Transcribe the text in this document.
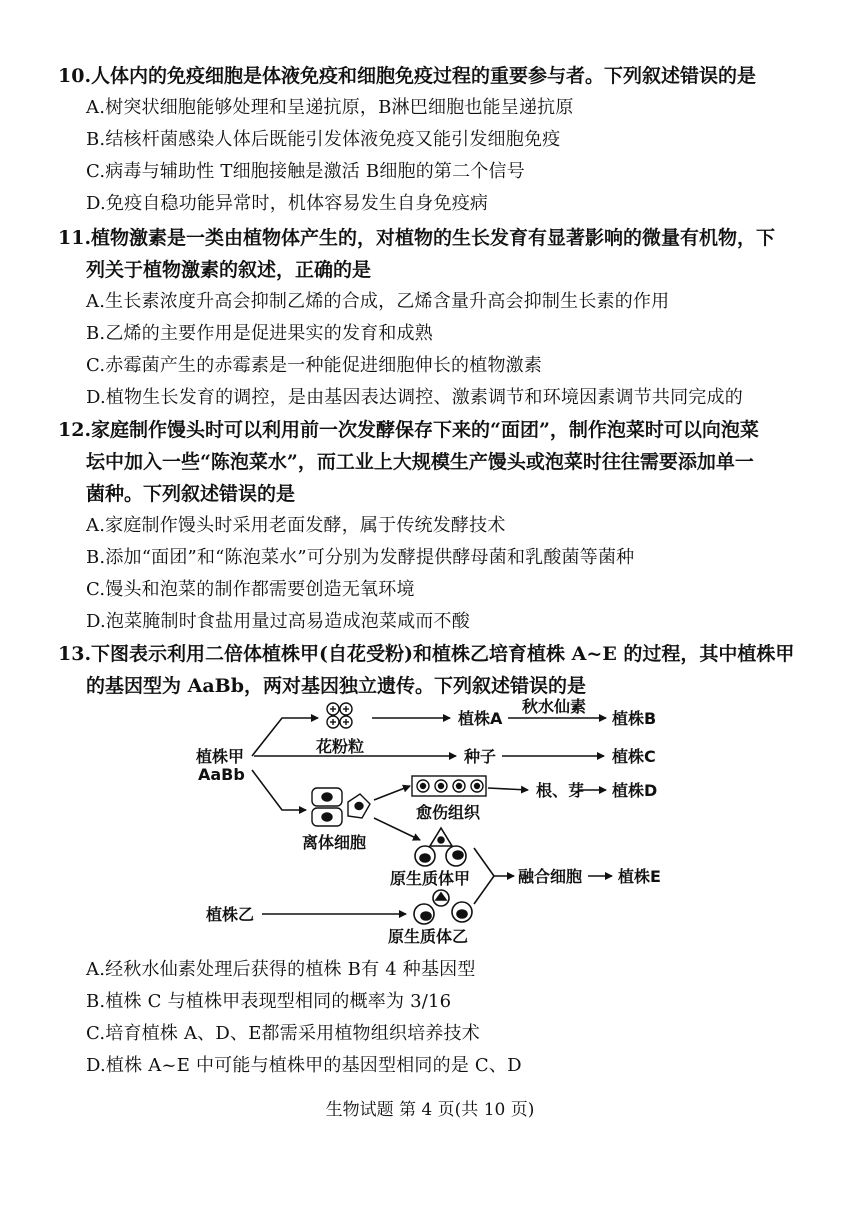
10.人体内的免疫细胞是体液免疫和细胞免疫过程的重要参与者。下列叙述错误的是
A.树突状细胞能够处理和呈递抗原，B淋巴细胞也能呈递抗原
B.结核杆菌感染人体后既能引发体液免疫又能引发细胞免疫
C.病毒与辅助性 T细胞接触是激活 B细胞的第二个信号
D.免疫自稳功能异常时，机体容易发生自身免疫病
11.植物激素是一类由植物体产生的，对植物的生长发育有显著影响的微量有机物，下
列关于植物激素的叙述，正确的是
A.生长素浓度升高会抑制乙烯的合成，乙烯含量升高会抑制生长素的作用
B.乙烯的主要作用是促进果实的发育和成熟
C.赤霉菌产生的赤霉素是一种能促进细胞伸长的植物激素
D.植物生长发育的调控，是由基因表达调控、激素调节和环境因素调节共同完成的
12.家庭制作馒头时可以利用前一次发酵保存下来的“面团”，制作泡菜时可以向泡菜
坛中加入一些“陈泡菜水”，而工业上大规模生产馒头或泡菜时往往需要添加单一
菌种。下列叙述错误的是
A.家庭制作馒头时采用老面发酵，属于传统发酵技术
B.添加“面团”和“陈泡菜水”可分别为发酵提供酵母菌和乳酸菌等菌种
C.馒头和泡菜的制作都需要创造无氧环境
D.泡菜腌制时食盐用量过高易造成泡菜咸而不酸
13.下图表示利用二倍体植株甲(自花受粉)和植株乙培育植株 A~E 的过程，其中植株甲
的基因型为 AaBb，两对基因独立遗传。下列叙述错误的是
植株甲
AaBb
花粉粒
植株A
秋水仙素
植株B
种子	植株C
愈伤组织
根、芽 植株D
离体细胞
原生质体甲	融合细胞 植株E
植株乙
原生质体乙
A.经秋水仙素处理后获得的植株 B有 4 种基因型
B.植株 C 与植株甲表现型相同的概率为 3/16
C.培育植株 A、D、E都需采用植物组织培养技术
D.植株 A~E 中可能与植株甲的基因型相同的是 C、D
生物试题 第 4 页(共 10 页)
